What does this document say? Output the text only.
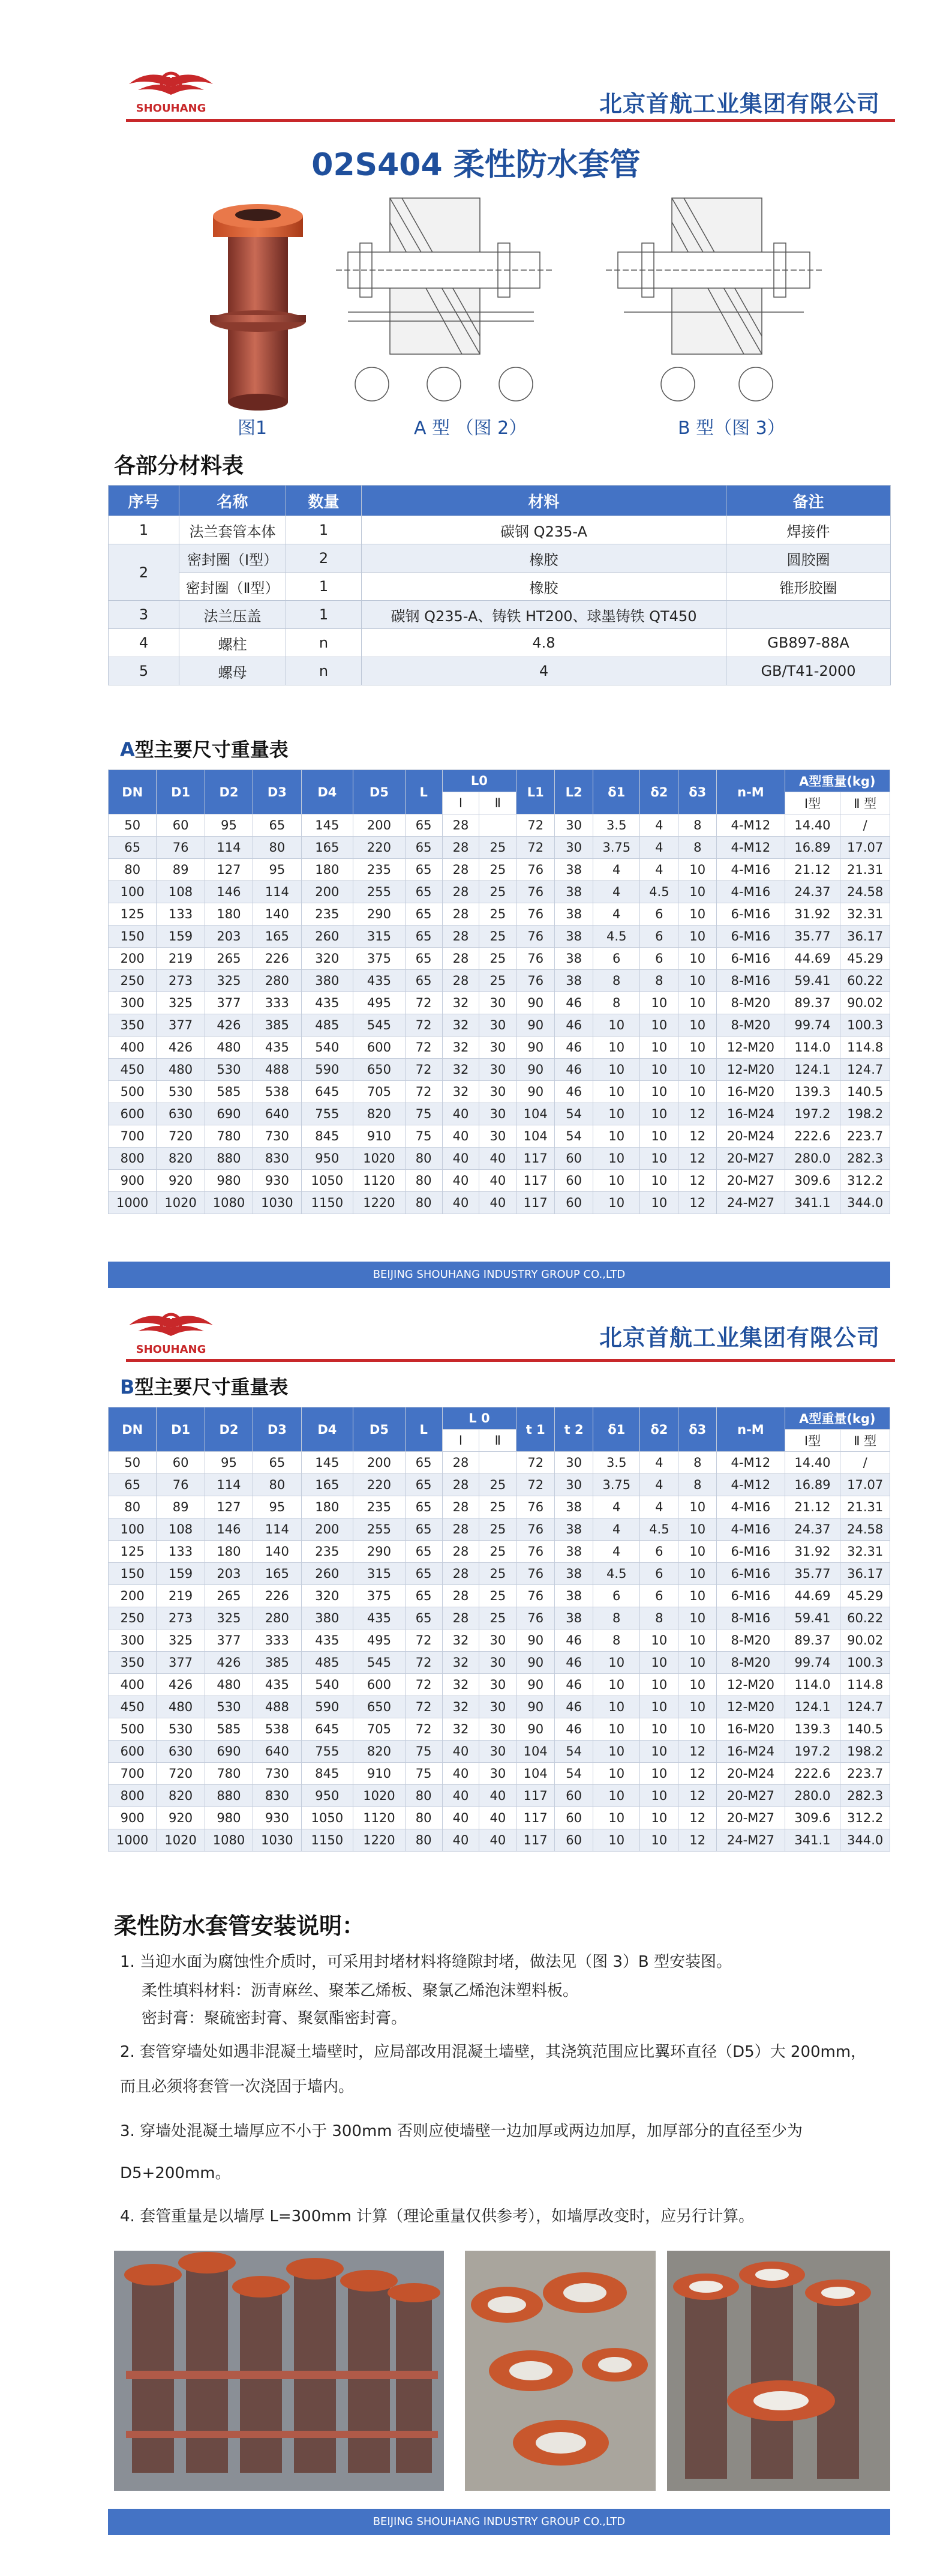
SHOUHANG	北京首航工业集团有限公司
02S404 柔性防水套管
图1	A 型 （图 2）	B 型（图 3）
各部分材料表
序号	名称	数量	材料	备注
1	法兰套管本体	1	碳钢 Q235-A	焊接件
2	密封圈（Ⅰ型）	2	橡胶	圆胶圈
	密封圈（Ⅱ型）	1	橡胶	锥形胶圈
3	法兰压盖	1	碳钢 Q235-A、铸铁 HT200、球墨铸铁 QT450	
4	螺柱	n	4.8	GB897-88A
5	螺母	n	4	GB/T41-2000
A型主要尺寸重量表
DN	D1	D2	D3	D4	D5	L	L0		L1	L2	δ1	δ2	δ3	n-M	A型重量(kg)	
							Ⅰ	Ⅱ							Ⅰ型	Ⅱ 型
50	60	95	65	145	200	65	28		72	30	3.5	4	8	4-M12	14.40	/
65	76	114	80	165	220	65	28	25	72	30	3.75	4	8	4-M12	16.89	17.07
80	89	127	95	180	235	65	28	25	76	38	4	4	10	4-M16	21.12	21.31
100	108	146	114	200	255	65	28	25	76	38	4	4.5	10	4-M16	24.37	24.58
125	133	180	140	235	290	65	28	25	76	38	4	6	10	6-M16	31.92	32.31
150	159	203	165	260	315	65	28	25	76	38	4.5	6	10	6-M16	35.77	36.17
200	219	265	226	320	375	65	28	25	76	38	6	6	10	6-M16	44.69	45.29
250	273	325	280	380	435	65	28	25	76	38	8	8	10	8-M16	59.41	60.22
300	325	377	333	435	495	72	32	30	90	46	8	10	10	8-M20	89.37	90.02
350	377	426	385	485	545	72	32	30	90	46	10	10	10	8-M20	99.74	100.3
400	426	480	435	540	600	72	32	30	90	46	10	10	10	12-M20	114.0	114.8
450	480	530	488	590	650	72	32	30	90	46	10	10	10	12-M20	124.1	124.7
500	530	585	538	645	705	72	32	30	90	46	10	10	10	16-M20	139.3	140.5
600	630	690	640	755	820	75	40	30	104	54	10	10	12	16-M24	197.2	198.2
700	720	780	730	845	910	75	40	30	104	54	10	10	12	20-M24	222.6	223.7
800	820	880	830	950	1020	80	40	40	117	60	10	10	12	20-M27	280.0	282.3
900	920	980	930	1050	1120	80	40	40	117	60	10	10	12	20-M27	309.6	312.2
1000	1020	1080	1030	1150	1220	80	40	40	117	60	10	10	12	24-M27	341.1	344.0
BEIJING SHOUHANG INDUSTRY GROUP CO.,LTD
SHOUHANG	北京首航工业集团有限公司
B型主要尺寸重量表
DN	D1	D2	D3	D4	D5	L	L 0		t 1	t 2	δ1	δ2	δ3	n-M	A型重量(kg)	
							Ⅰ	Ⅱ							Ⅰ型	Ⅱ 型
50	60	95	65	145	200	65	28		72	30	3.5	4	8	4-M12	14.40	/
65	76	114	80	165	220	65	28	25	72	30	3.75	4	8	4-M12	16.89	17.07
80	89	127	95	180	235	65	28	25	76	38	4	4	10	4-M16	21.12	21.31
100	108	146	114	200	255	65	28	25	76	38	4	4.5	10	4-M16	24.37	24.58
125	133	180	140	235	290	65	28	25	76	38	4	6	10	6-M16	31.92	32.31
150	159	203	165	260	315	65	28	25	76	38	4.5	6	10	6-M16	35.77	36.17
200	219	265	226	320	375	65	28	25	76	38	6	6	10	6-M16	44.69	45.29
250	273	325	280	380	435	65	28	25	76	38	8	8	10	8-M16	59.41	60.22
300	325	377	333	435	495	72	32	30	90	46	8	10	10	8-M20	89.37	90.02
350	377	426	385	485	545	72	32	30	90	46	10	10	10	8-M20	99.74	100.3
400	426	480	435	540	600	72	32	30	90	46	10	10	10	12-M20	114.0	114.8
450	480	530	488	590	650	72	32	30	90	46	10	10	10	12-M20	124.1	124.7
500	530	585	538	645	705	72	32	30	90	46	10	10	10	16-M20	139.3	140.5
600	630	690	640	755	820	75	40	30	104	54	10	10	12	16-M24	197.2	198.2
700	720	780	730	845	910	75	40	30	104	54	10	10	12	20-M24	222.6	223.7
800	820	880	830	950	1020	80	40	40	117	60	10	10	12	20-M27	280.0	282.3
900	920	980	930	1050	1120	80	40	40	117	60	10	10	12	20-M27	309.6	312.2
1000	1020	1080	1030	1150	1220	80	40	40	117	60	10	10	12	24-M27	341.1	344.0
柔性防水套管安装说明：
1. 当迎水面为腐蚀性介质时，可采用封堵材料将缝隙封堵，做法见（图 3）B 型安装图。
柔性填料材料：沥青麻丝、聚苯乙烯板、聚氯乙烯泡沫塑料板。
密封膏：聚硫密封膏、聚氨酯密封膏。
2. 套管穿墙处如遇非混凝土墙壁时，应局部改用混凝土墙壁，其浇筑范围应比翼环直径（D5）大 200mm，
而且必须将套管一次浇固于墙内。
3. 穿墙处混凝土墙厚应不小于 300mm 否则应使墙壁一边加厚或两边加厚，加厚部分的直径至少为
D5+200mm。
4. 套管重量是以墙厚 L=300mm 计算（理论重量仅供参考），如墙厚改变时，应另行计算。
BEIJING SHOUHANG INDUSTRY GROUP CO.,LTD
